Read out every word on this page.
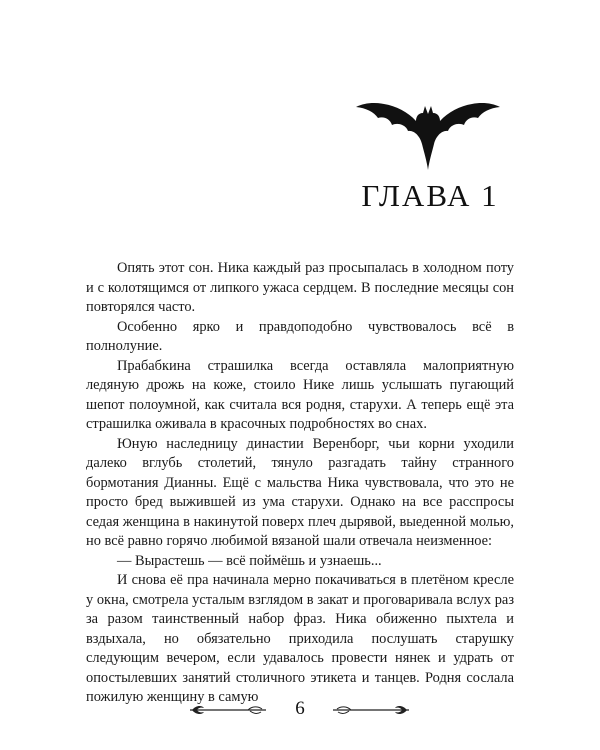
ГЛАВА 1

Опять этот сон. Ника каждый раз просыпалась в холодном поту и с колотящимся от липкого ужаса сердцем. В последние месяцы сон повторялся часто.

Особенно ярко и правдоподобно чувствовалось всё в полнолуние.

Прабабкина страшилка всегда оставляла малоприятную ледяную дрожь на коже, стоило Нике лишь услышать пугающий шепот полоумной, как считала вся родня, старухи. А теперь ещё эта страшилка оживала в красочных подробностях во снах.

Юную наследницу династии Веренборг, чьи корни уходили далеко вглубь столетий, тянуло разгадать тайну странного бормотания Дианны. Ещё с мальства Ника чувствовала, что это не просто бред выжившей из ума старухи. Однако на все расспросы седая женщина в накинутой поверх плеч дырявой, выеденной молью, но всё равно горячо любимой вязаной шали отвечала неизменное:

— Вырастешь — всё поймёшь и узнаешь...

И снова её пра начинала мерно покачиваться в плетёном кресле у окна, смотрела усталым взглядом в закат и проговаривала вслух раз за разом таинственный набор фраз. Ника обиженно пыхтела и вздыхала, но обязательно приходила послушать старушку следующим вечером, если удавалось провести нянек и удрать от опостылевших занятий столичного этикета и танцев. Родня сослала пожилую женщину в самую

6
